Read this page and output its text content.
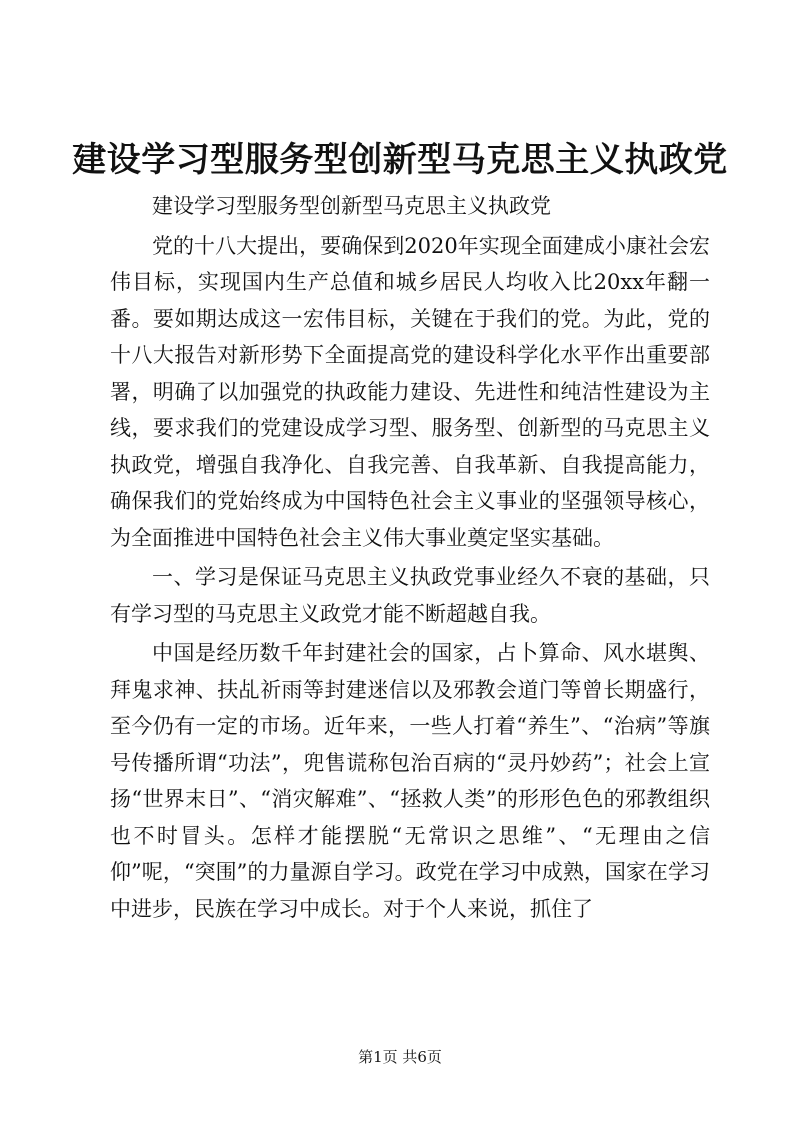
建设学习型服务型创新型马克思主义执政党

建设学习型服务型创新型马克思主义执政党

党的十八大提出，要确保到2020年实现全面建成小康社会宏伟目标，实现国内生产总值和城乡居民人均收入比20xx年翻一番。要如期达成这一宏伟目标，关键在于我们的党。为此，党的十八大报告对新形势下全面提高党的建设科学化水平作出重要部署，明确了以加强党的执政能力建设、先进性和纯洁性建设为主线，要求我们的党建设成学习型、服务型、创新型的马克思主义执政党，增强自我净化、自我完善、自我革新、自我提高能力，确保我们的党始终成为中国特色社会主义事业的坚强领导核心，为全面推进中国特色社会主义伟大事业奠定坚实基础。

一、学习是保证马克思主义执政党事业经久不衰的基础，只有学习型的马克思主义政党才能不断超越自我。

中国是经历数千年封建社会的国家，占卜算命、风水堪舆、拜鬼求神、扶乩祈雨等封建迷信以及邪教会道门等曾长期盛行，至今仍有一定的市场。近年来，一些人打着“养生”、“治病”等旗号传播所谓“功法”，兜售谎称包治百病的“灵丹妙药”；社会上宣扬“世界末日”、“消灾解难”、“拯救人类”的形形色色的邪教组织也不时冒头。怎样才能摆脱“无常识之思维”、“无理由之信仰”呢，“突围”的力量源自学习。政党在学习中成熟，国家在学习中进步，民族在学习中成长。对于个人来说，抓住了

第1页 共6页
